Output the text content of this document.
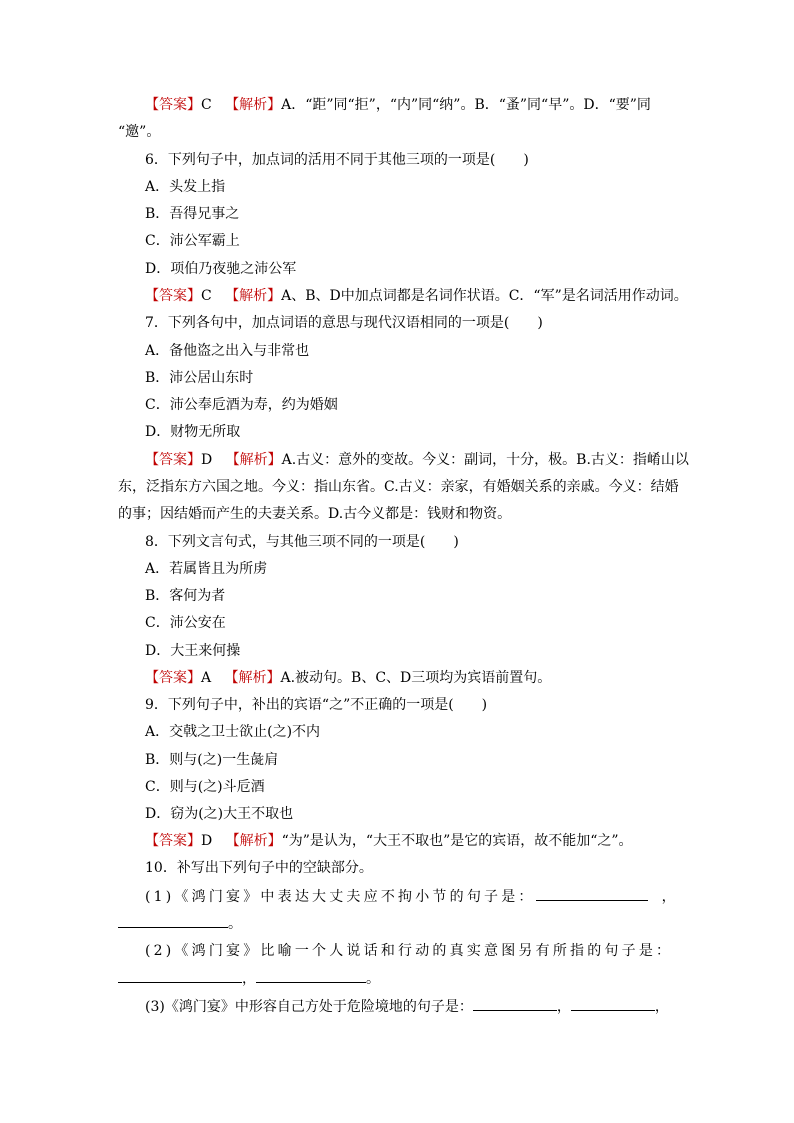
【答案】C 【解析】A．“距”同“拒”，“内”同“纳”。B．“蚤”同“早”。D．“要”同
“邀”。
6．下列句子中，加点词的活用不同于其他三项的一项是(　　)
A．头发上指
B．吾得兄事之
C．沛公军霸上
D．项伯乃夜驰之沛公军
【答案】C 【解析】A、B、D中加点词都是名词作状语。C．“军”是名词活用作动词。
7．下列各句中，加点词语的意思与现代汉语相同的一项是(　　)
A．备他盗之出入与非常也
B．沛公居山东时
C．沛公奉卮酒为寿，约为婚姻
D．财物无所取
【答案】D 【解析】A.古义：意外的变故。今义：副词，十分，极。B.古义：指崤山以
东，泛指东方六国之地。今义：指山东省。C.古义：亲家，有婚姻关系的亲戚。今义：结婚
的事；因结婚而产生的夫妻关系。D.古今义都是：钱财和物资。
8．下列文言句式，与其他三项不同的一项是(　　)
A．若属皆且为所虏
B．客何为者
C．沛公安在
D．大王来何操
【答案】A 【解析】A.被动句。B、C、D三项均为宾语前置句。
9．下列句子中，补出的宾语“之”不正确的一项是(　　)
A．交戟之卫士欲止(之)不内
B．则与(之)一生彘肩
C．则与(之)斗卮酒
D．窃为(之)大王不取也
【答案】D 【解析】“为”是认为，“大王不取也”是它的宾语，故不能加“之”。
10．补写出下列句子中的空缺部分。
(1)《鸿门宴》中表达大丈夫应不拘小节的句子是：	，
。
(2)《鸿门宴》比喻一个人说话和行动的真实意图另有所指的句子是：
，	。
(3)《鸿门宴》中形容自己方处于危险境地的句子是：	，	，
